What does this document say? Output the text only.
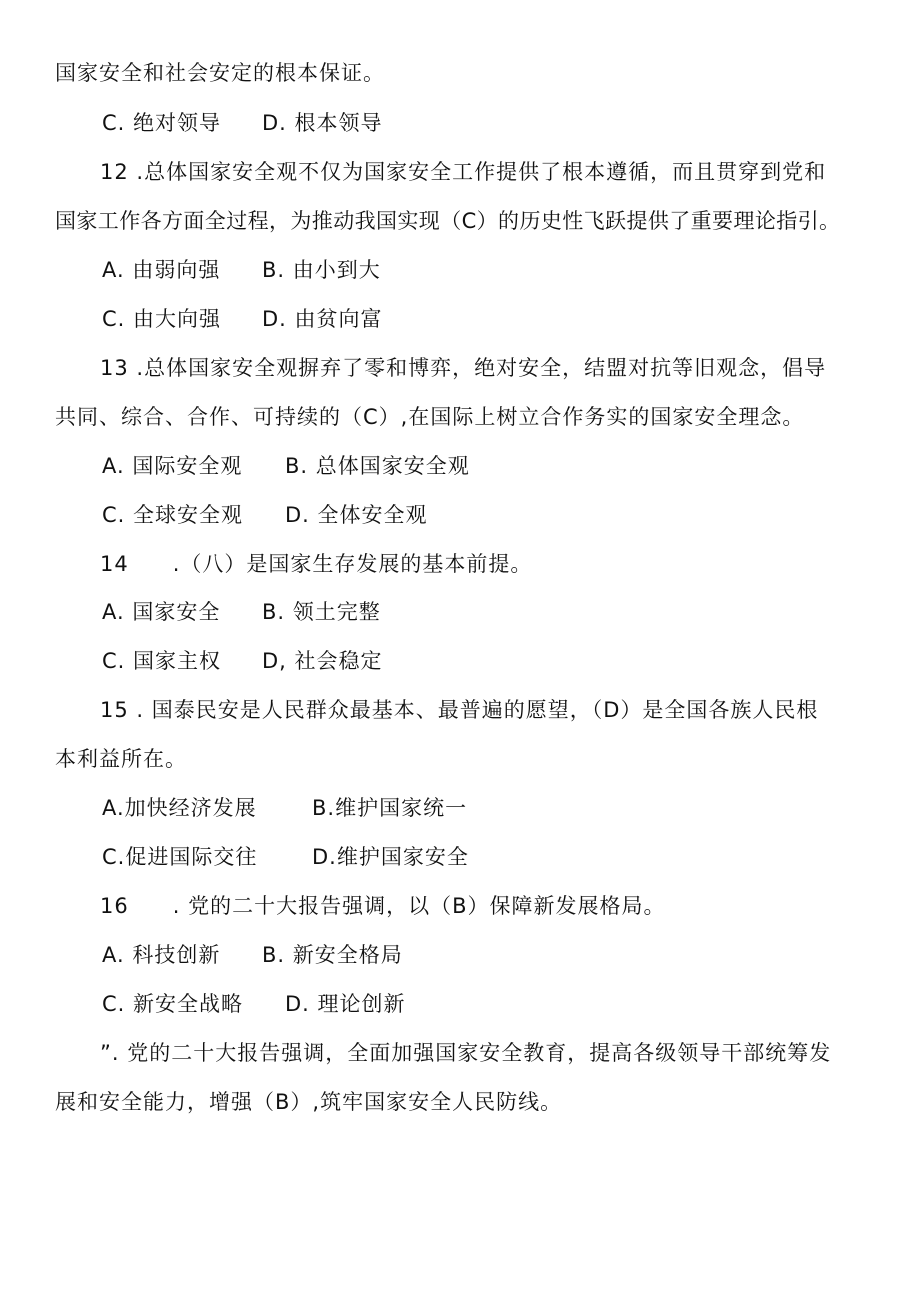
国家安全和社会安定的根本保证。
C. 绝对领导 D. 根本领导
12 .总体国家安全观不仅为国家安全工作提供了根本遵循，而且贯穿到党和
国家工作各方面全过程，为推动我国实现（C）的历史性飞跃提供了重要理论指引。
A. 由弱向强 B. 由小到大
C. 由大向强 D. 由贫向富
13 .总体国家安全观摒弃了零和博弈，绝对安全，结盟对抗等旧观念，倡导
共同、综合、合作、可持续的（C）,在国际上树立合作务实的国家安全理念。
A. 国际安全观 B. 总体国家安全观
C. 全球安全观 D. 全体安全观
14　　.（八）是国家生存发展的基本前提。
A. 国家安全 B. 领土完整
C. 国家主权 D, 社会稳定
15 . 国泰民安是人民群众最基本、最普遍的愿望，（D）是全国各族人民根
本利益所在。
A.加快经济发展	B.维护国家统一
C.促进国际交往	D.维护国家安全
16　　. 党的二十大报告强调，以（B）保障新发展格局。
A. 科技创新 B. 新安全格局
C. 新安全战略 D. 理论创新
”. 党的二十大报告强调，全面加强国家安全教育，提高各级领导干部统筹发
展和安全能力，增强（B）,筑牢国家安全人民防线。
